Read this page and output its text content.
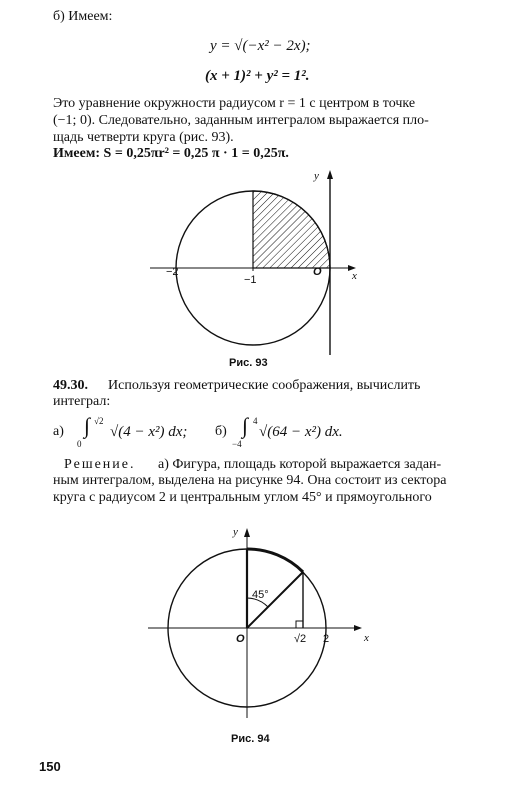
б) Имеем:
y = √(−x² − 2x);
(x + 1)² + y² = 1².
Это уравнение окружности радиусом r = 1 с центром в точке
(−1; 0). Следовательно, заданным интегралом выражается пло-
щадь четверти круга (рис. 93).
Имеем: S = 0,25πr² = 0,25 π · 1 = 0,25π.
y
x
−2
−1
O
Рис. 93
49.30. Используя геометрические соображения, вычислить
интеграл:
а) ∫
0
√2
√(4 − x²) dx; б) ∫
−4
4
√(64 − x²) dx.
Решение. а) Фигура, площадь которой выражается задан-
ным интегралом, выделена на рисунке 94. Она состоит из сектора
круга с радиусом 2 и центральным углом 45° и прямоугольного
y
x
O	√2 2
45°
Рис. 94
150
